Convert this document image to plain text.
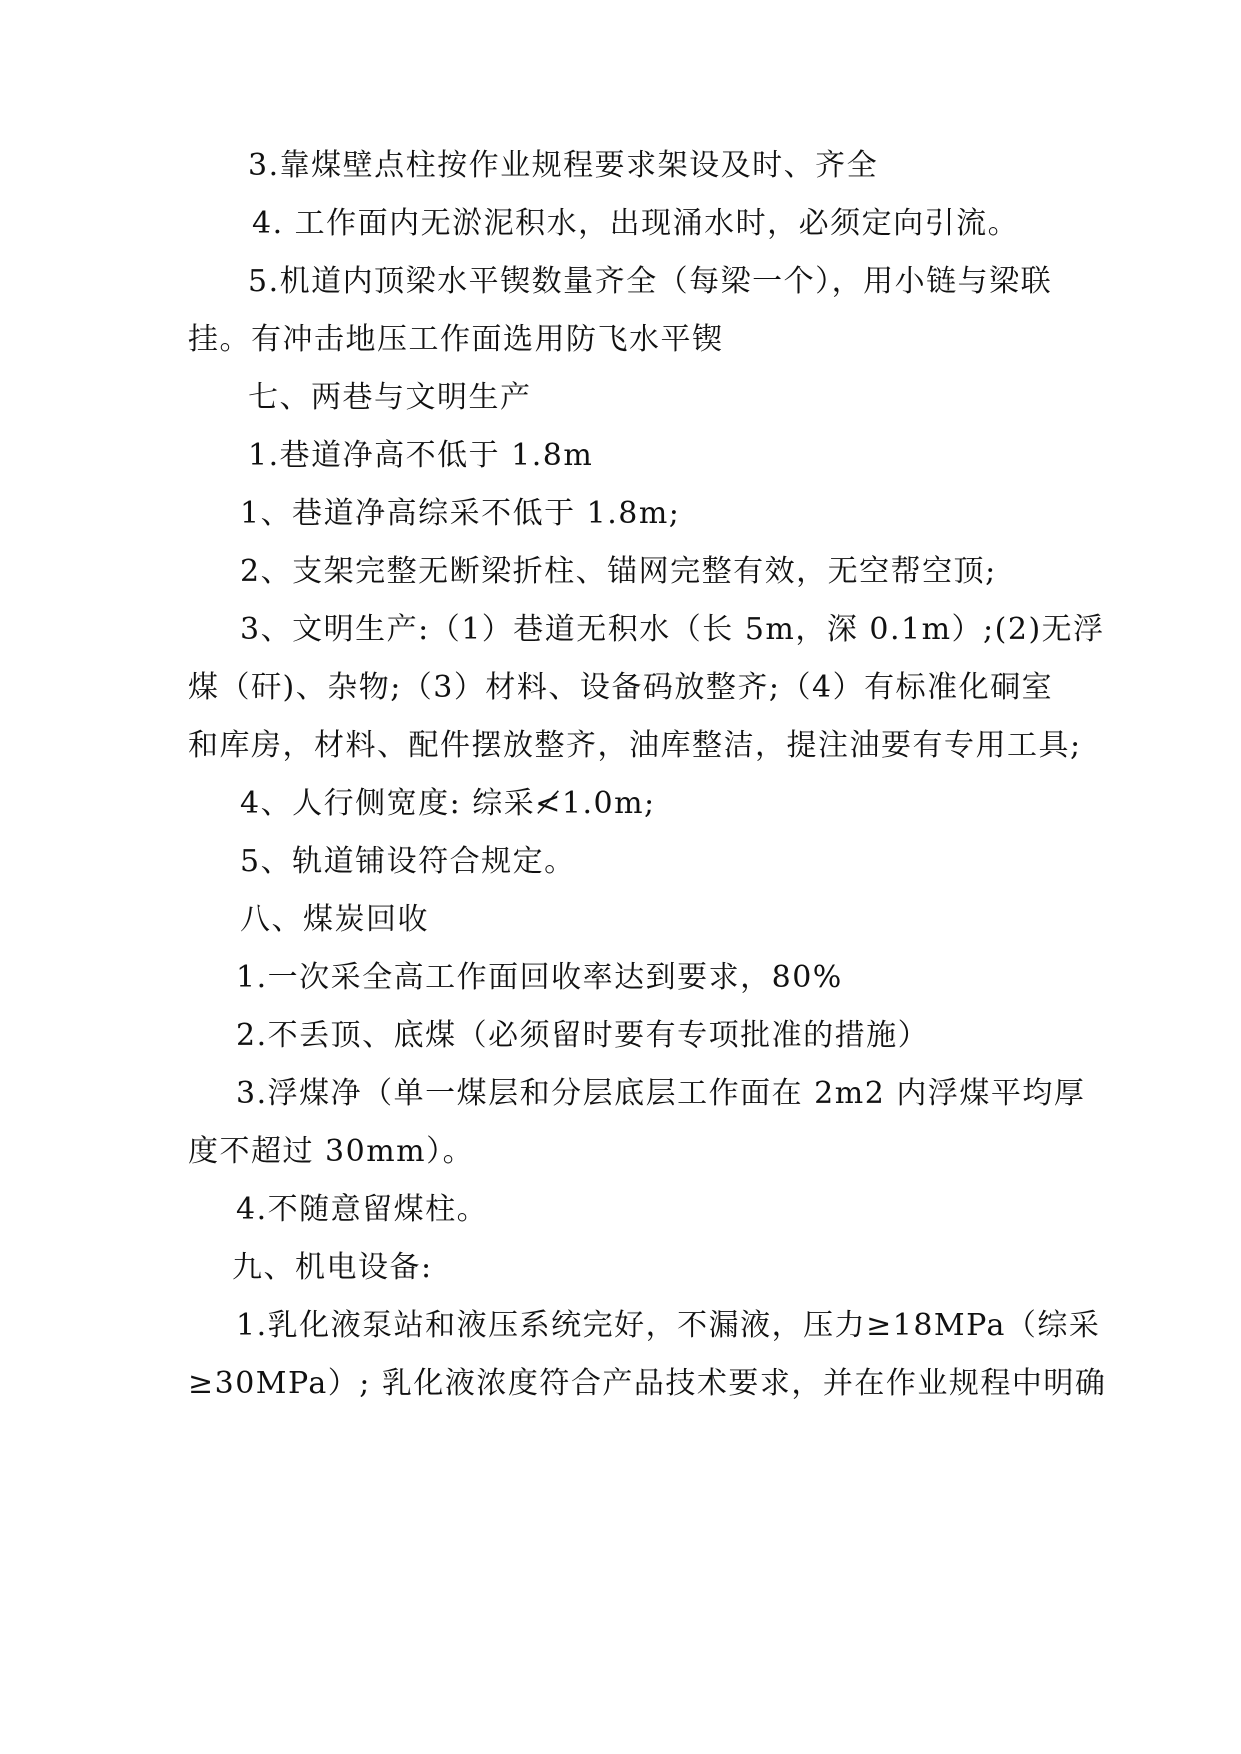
3.靠煤壁点柱按作业规程要求架设及时、齐全
4. 工作面内无淤泥积水，出现涌水时，必须定向引流。
5.机道内顶梁水平锲数量齐全（每梁一个），用小链与梁联
挂。有冲击地压工作面选用防飞水平锲
七、两巷与文明生产
1.巷道净高不低于 1.8m
1、巷道净高综采不低于 1.8m;
2、支架完整无断梁折柱、锚网完整有效，无空帮空顶;
3、文明生产:（1）巷道无积水（长 5m，深 0.1m）;(2)无浮
煤（矸)、杂物;（3）材料、设备码放整齐;（4）有标准化硐室
和库房，材料、配件摆放整齐，油库整洁，提注油要有专用工具;
4、人行侧宽度: 综采≮1.0m;
5、轨道铺设符合规定。
八、煤炭回收
1.一次采全高工作面回收率达到要求，80%
2.不丢顶、底煤（必须留时要有专项批准的措施）
3.浮煤净（单一煤层和分层底层工作面在 2m2 内浮煤平均厚
度不超过 30mm）。
4.不随意留煤柱。
九、机电设备:
1.乳化液泵站和液压系统完好，不漏液，压力≥18MPa（综采
≥30MPa）; 乳化液浓度符合产品技术要求，并在作业规程中明确
